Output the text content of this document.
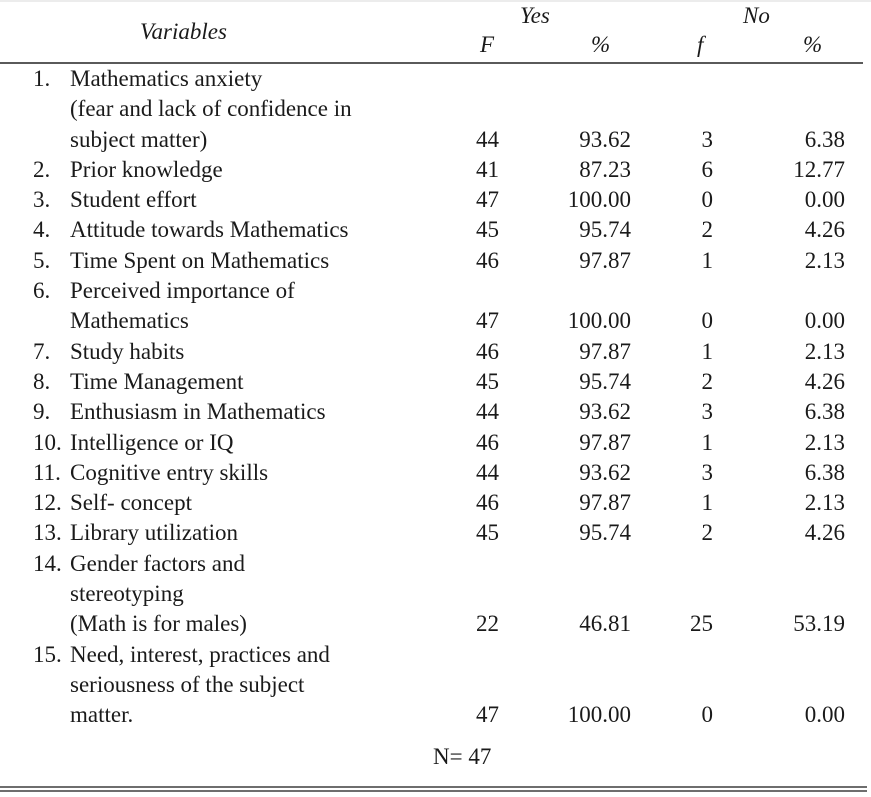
Variables
Yes	No
F	%	f	%
1. Mathematics anxiety
(fear and lack of confidence in
subject matter)	44	93.62	3	6.38
2. Prior knowledge	41	87.23	6	12.77
3. Student effort	47	100.00	0	0.00
4. Attitude towards Mathematics	45	95.74	2	4.26
5. Time Spent on Mathematics	46	97.87	1	2.13
6. Perceived importance of
Mathematics	47	100.00	0	0.00
7. Study habits	46	97.87	1	2.13
8. Time Management	45	95.74	2	4.26
9. Enthusiasm in Mathematics	44	93.62	3	6.38
10. Intelligence or IQ	46	97.87	1	2.13
11. Cognitive entry skills	44	93.62	3	6.38
12. Self- concept	46	97.87	1	2.13
13. Library utilization	45	95.74	2	4.26
14. Gender factors and
stereotyping
(Math is for males)	22	46.81	25	53.19
15. Need, interest, practices and
seriousness of the subject
matter.	47	100.00	0	0.00
N= 47
